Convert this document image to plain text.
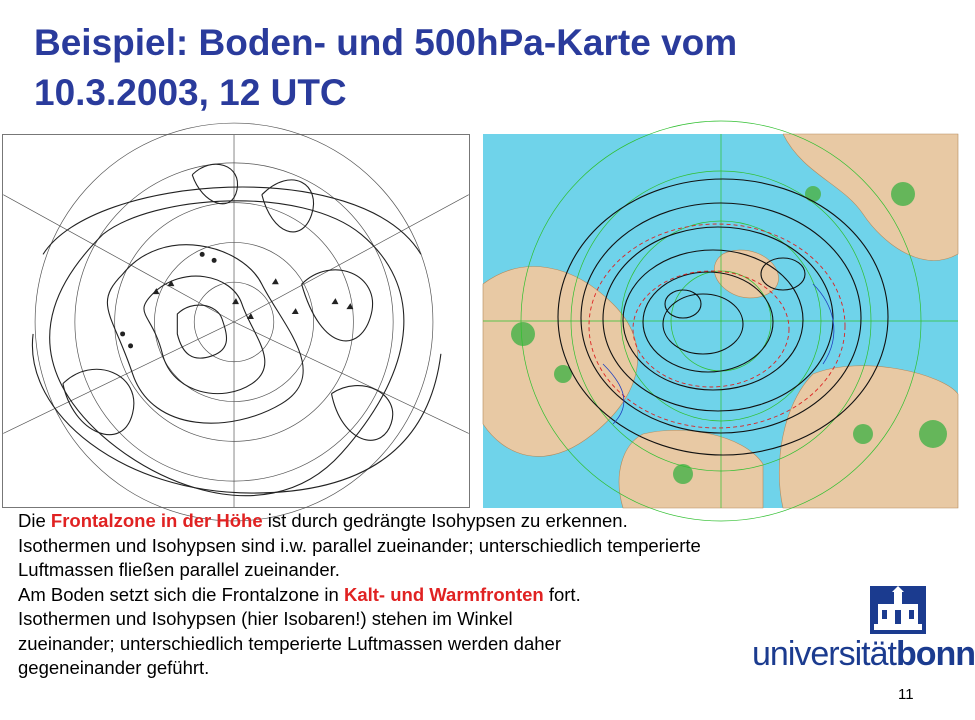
Beispiel: Boden- und 500hPa-Karte vom
10.3.2003, 12 UTC
Die Frontalzone in der Höhe ist durch gedrängte Isohypsen zu erkennen.
Isothermen und Isohypsen sind i.w. parallel zueinander; unterschiedlich temperierte
Luftmassen fließen parallel zueinander.
Am Boden setzt sich die Frontalzone in Kalt- und Warmfronten fort.
Isothermen und Isohypsen (hier Isobaren!) stehen im Winkel
zueinander; unterschiedlich temperierte Luftmassen werden daher
gegeneinander geführt.	universitätbonn
11
